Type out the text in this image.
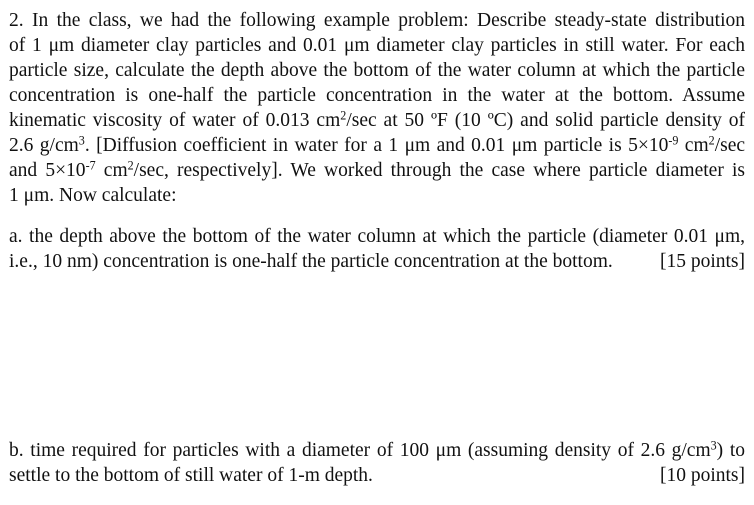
2. In the class, we had the following example problem: Describe steady-state distribution

of 1 μm diameter clay particles and 0.01 μm diameter clay particles in still water. For each

particle size, calculate the depth above the bottom of the water column at which the particle

concentration is one-half the particle concentration in the water at the bottom. Assume

kinematic viscosity of water of 0.013 $cm^2/\sec$ at 50 ºF (10 ºC) and solid particle density of

2.6 $g/cm^3$. [Diffusion coefficient in water for a 1 μm and 0.01 μm particle is $5\times 10^{-9}$ $cm^2/\sec$

and $5\times 10^{-7}$ $cm^2/\sec$, respectively]. We worked through the case where particle diameter is

1 μm. Now calculate:

a. the depth above the bottom of the water column at which the particle (diameter 0.01 μm,

i.e., 10 nm) concentration is one-half the particle concentration at the bottom. [15 points]

b. time required for particles with a diameter of 100 μm (assuming density of 2.6 $g/cm^3$) to

settle to the bottom of still water of 1-m depth.	[10 points]
